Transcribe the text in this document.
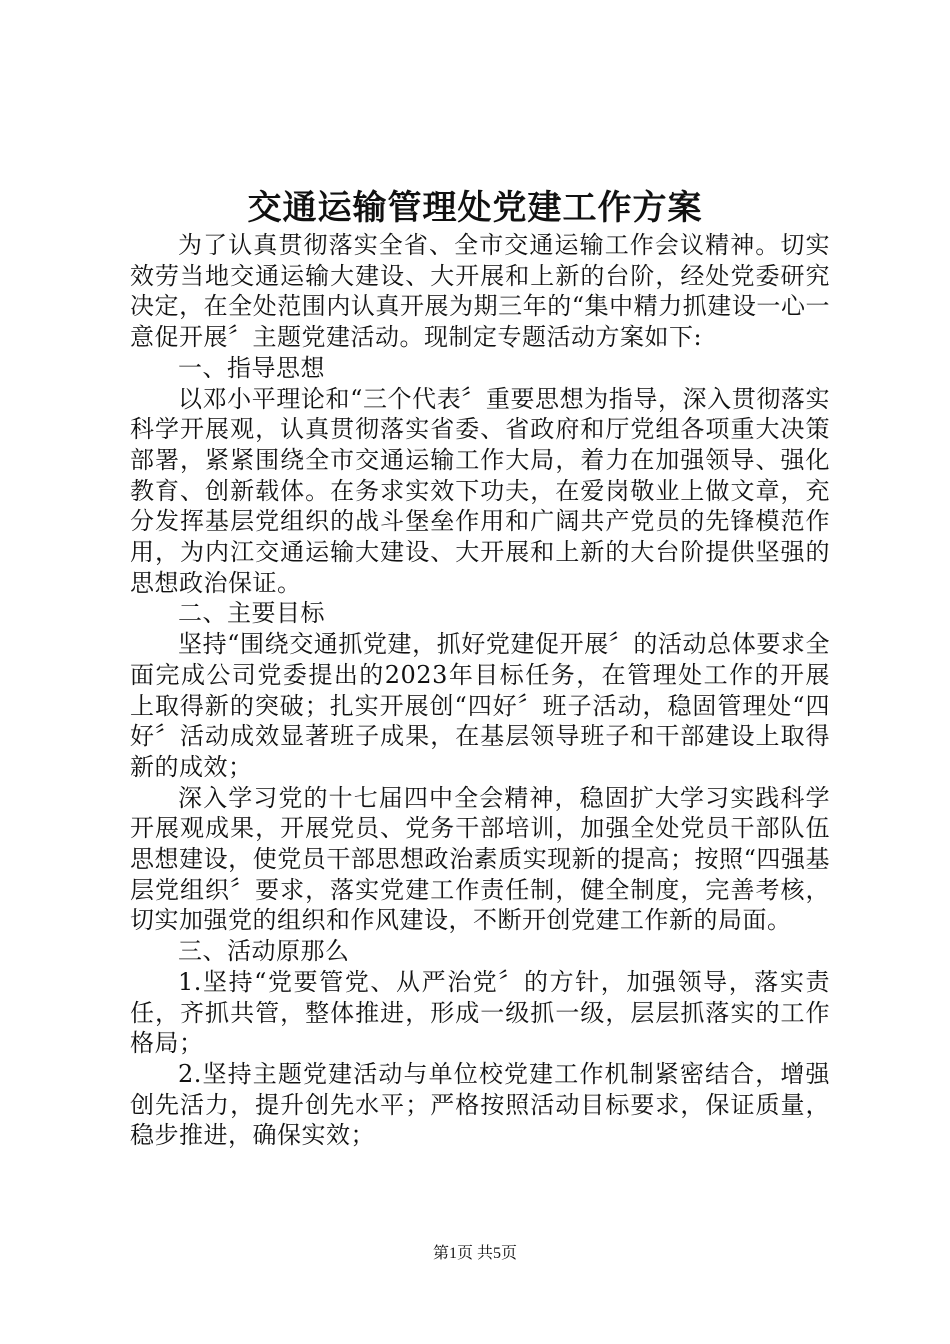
交通运输管理处党建工作方案

为了认真贯彻落实全省、全市交通运输工作会议精神。切实效劳当地交通运输大建设、大开展和上新的台阶，经处党委研究决定，在全处范围内认真开展为期三年的“集中精力抓建设一心一意促开展〞主题党建活动。现制定专题活动方案如下:

一、指导思想

以邓小平理论和“三个代表〞重要思想为指导，深入贯彻落实科学开展观，认真贯彻落实省委、省政府和厅党组各项重大决策部署，紧紧围绕全市交通运输工作大局，着力在加强领导、强化教育、创新载体。在务求实效下功夫，在爱岗敬业上做文章，充分发挥基层党组织的战斗堡垒作用和广阔共产党员的先锋模范作用，为内江交通运输大建设、大开展和上新的大台阶提供坚强的思想政治保证。

二、主要目标

坚持“围绕交通抓党建，抓好党建促开展〞的活动总体要求全面完成公司党委提出的2023年目标任务，在管理处工作的开展上取得新的突破；扎实开展创“四好〞班子活动，稳固管理处“四好〞活动成效显著班子成果，在基层领导班子和干部建设上取得新的成效；

深入学习党的十七届四中全会精神，稳固扩大学习实践科学开展观成果，开展党员、党务干部培训，加强全处党员干部队伍思想建设，使党员干部思想政治素质实现新的提高；按照“四强基层党组织〞要求，落实党建工作责任制，健全制度，完善考核，切实加强党的组织和作风建设，不断开创党建工作新的局面。

三、活动原那么

1.坚持“党要管党、从严治党〞的方针，加强领导，落实责任，齐抓共管，整体推进，形成一级抓一级，层层抓落实的工作格局；

2.坚持主题党建活动与单位校党建工作机制紧密结合，增强创先活力，提升创先水平；严格按照活动目标要求，保证质量，稳步推进，确保实效；

第1页 共5页
